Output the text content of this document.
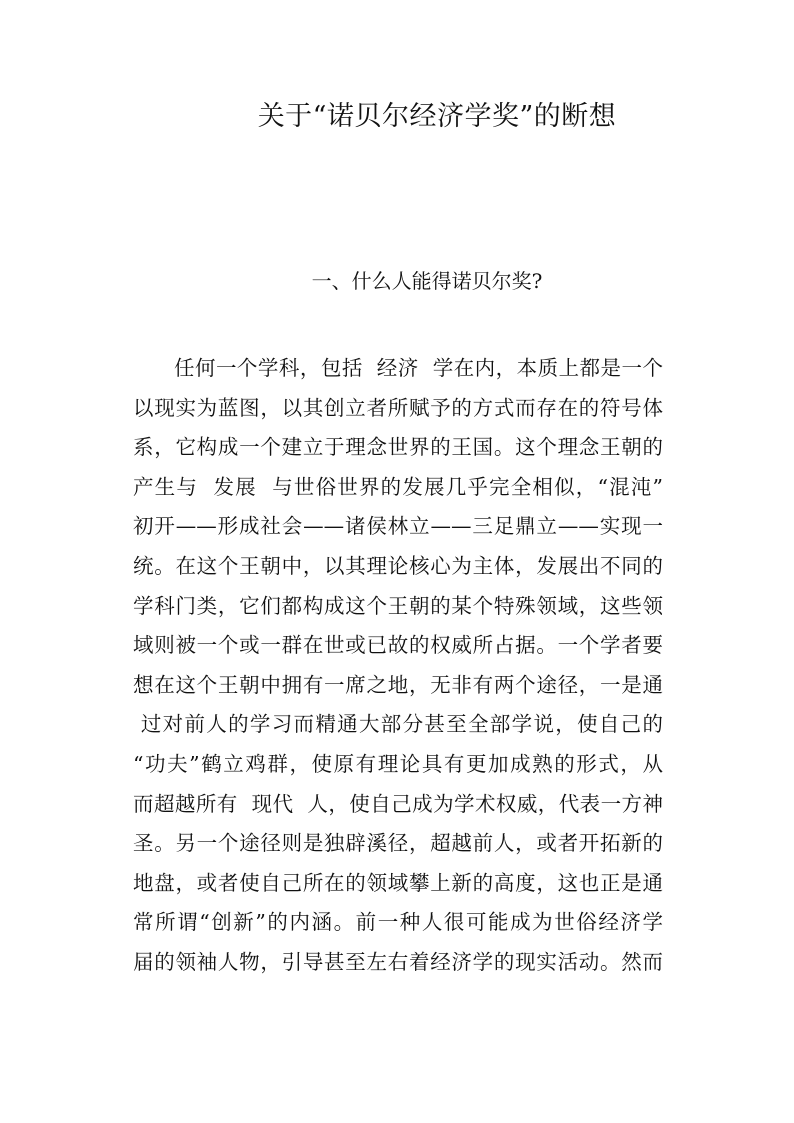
关于“诺贝尔经济学奖”的断想
一、什么人能得诺贝尔奖?
任何一个学科，包括  经济  学在内，本质上都是一个
以现实为蓝图，以其创立者所赋予的方式而存在的符号体
系，它构成一个建立于理念世界的王国。这个理念王朝的
产生与  发展  与世俗世界的发展几乎完全相似，“混沌”
初开——形成社会——诸侯林立——三足鼎立——实现一
统。在这个王朝中，以其理论核心为主体，发展出不同的
学科门类，它们都构成这个王朝的某个特殊领域，这些领
域则被一个或一群在世或已故的权威所占据。一个学者要
想在这个王朝中拥有一席之地，无非有两个途径，一是通
过对前人的学习而精通大部分甚至全部学说，使自己的
“功夫”鹤立鸡群，使原有理论具有更加成熟的形式，从
而超越所有  现代  人，使自己成为学术权威，代表一方神
圣。另一个途径则是独辟溪径，超越前人，或者开拓新的
地盘，或者使自己所在的领域攀上新的高度，这也正是通
常所谓“创新”的内涵。前一种人很可能成为世俗经济学
届的领袖人物，引导甚至左右着经济学的现实活动。然而
